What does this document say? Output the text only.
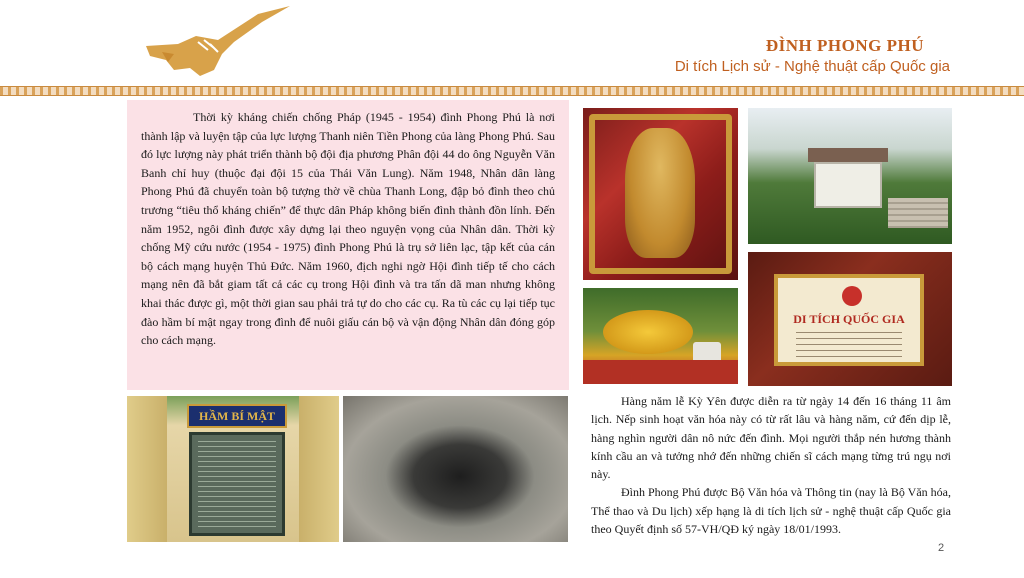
ĐÌNH PHONG PHÚ
Di tích Lịch sử - Nghệ thuật cấp Quốc gia

Thời kỳ kháng chiến chống Pháp (1945 - 1954) đình Phong Phú là nơi thành lập và luyện tập của lực lượng Thanh niên Tiền Phong của làng Phong Phú. Sau đó lực lượng này phát triển thành bộ đội địa phương Phân đội 44 do ông Nguyễn Văn Banh chỉ huy (thuộc đại đội 15 của Thái Văn Lung). Năm 1948, Nhân dân làng Phong Phú đã chuyển toàn bộ tượng thờ về chùa Thanh Long, đập bỏ đình theo chủ trương “tiêu thổ kháng chiến” để thực dân Pháp không biến đình thành đồn lính. Đến năm 1952, ngôi đình được xây dựng lại theo nguyện vọng của Nhân dân. Thời kỳ chống Mỹ cứu nước (1954 - 1975) đình Phong Phú là trụ sở liên lạc, tập kết của cán bộ cách mạng huyện Thủ Đức. Năm 1960, địch nghi ngờ Hội đình tiếp tế cho cách mạng nên đã bắt giam tất cả các cụ trong Hội đình và tra tấn dã man nhưng không khai thác được gì, một thời gian sau phải trả tự do cho các cụ. Ra tù các cụ lại tiếp tục đào hầm bí mật ngay trong đình để nuôi giấu cán bộ và vận động Nhân dân đóng góp cho cách mạng.

DI TÍCH QUỐC GIA
HẦM BÍ MẬT

Hàng năm lễ Kỳ Yên được diễn ra từ ngày 14 đến 16 tháng 11 âm lịch. Nếp sinh hoạt văn hóa này có từ rất lâu và hàng năm, cứ đến dịp lễ, hàng nghìn người dân nô nức đến đình. Mọi người thắp nén hương thành kính cầu an và tưởng nhớ đến những chiến sĩ cách mạng từng trú ngụ nơi này.

Đình Phong Phú được Bộ Văn hóa và Thông tin (nay là Bộ Văn hóa, Thể thao và Du lịch) xếp hạng là di tích lịch sử - nghệ thuật cấp Quốc gia theo Quyết định số 57-VH/QĐ ký ngày 18/01/1993.

2
